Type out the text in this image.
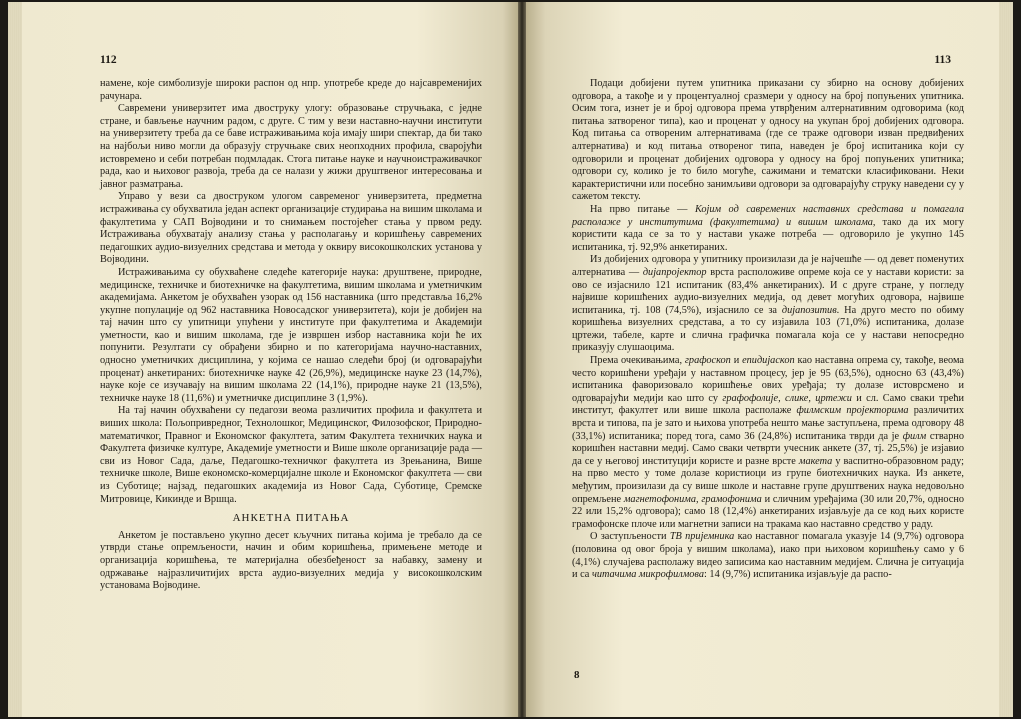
112

намене, које симболизује широки распон од нпр. употребе креде до најсавременијих рачунара.

Савремени универзитет има двоструку улогу: образовање стручњака, с једне стране, и бављење научним радом, с друге. С тим у вези наставно-научни институти на универзитету треба да се баве истраживањима која имају шири спектар, да би тако на најбољи ниво могли да образују стручњаке свих неопходних профила, сваројући истовремено и себи потребан подмладак. Стога питање науке и научноистраживачког рада, као и њиховог развоја, треба да се налази у жижи друштвеног интересовања и јавног разматрања.

Управо у вези са двоструком улогом савременог универзитета, предметна истраживања су обухватила један аспект организације студирања на вишим школама и факултетима у САП Војводини и то снимањем постојећег стања у првом реду. Истраживања обухватају анализу стања у располагању и коришћењу савремених педагошких аудио-визуелних средстава и метода у оквиру високошколских установа у Војводини.

Истраживањима су обухваћене следеће категорије наука: друштвене, природне, медицинске, техничке и биотехничке на факултетима, вишим школама и уметничким академијама. Анкетом је обухваћен узорак од 156 наставника (што представља 16,2% укупне популације од 962 наставника Новосадског универзитета), који је добијен на тај начин што су упитници упућени у институте при факултетима и Академији уметности, као и вишим школама, где је извршен избор наставника који ће их попунити. Резултати су обрађени збирно и по категоријама научно-наставних, односно уметничких дисциплина, у којима се нашао следећи број (и одговарајући проценат) анкетираних: биотехничке науке 42 (26,9%), медицинске науке 23 (14,7%), науке које се изучавају на вишим школама 22 (14,1%), природне науке 21 (13,5%), техничке науке 18 (11,6%) и уметничке дисциплине 3 (1,9%).

На тај начин обухваћени су педагози веома различитих профила и факултета и виших школа: Пољопривредног, Технолошког, Медицинског, Филозофског, Природно-математичког, Правног и Економског факултета, затим Факултета техничких наука и Факултета физичке културе, Академије уметности и Више школе организације рада — сви из Новог Сада, даље, Педагошко-техничког факултета из Зрењанина, Више техничке школе, Више економско-комерцијалне школе и Економског факултета — сви из Суботице; најзад, педагошких академија из Новог Сада, Суботице, Сремске Митровице, Кикинде и Вршца.

АНКЕТНА ПИТАЊА

Анкетом је постављено укупно десет кључних питања којима је требало да се утврди стање опремљености, начин и обим коришћења, примењене методе и организација коришћења, те материјална обезбеђеност за набавку, замену и одржавање најразличитијих врста аудио-визуелних медија у високошколским установама Војводине.

113

Подаци добијени путем упитника приказани су збирно на основу добијених одговора, а такође и у процентуалној сразмери у односу на број попуњених упитника. Осим тога, изнет је и број одговора према утврђеним алтернативним одговорима (код питања затвореног типа), као и проценат у односу на укупан број добијених одговора. Код питања са отвореним алтернативама (где се траже одговори изван предвиђених алтернатива) и код питања отвореног типа, наведен је број испитаника који су одговорили и проценат добијених одговора у односу на број попуњених упитника; одговори су, колико је то било могуће, сажимани и тематски класификовани. Неки карактеристични или посебно занимљиви одговори за одговарајућу струку наведени су у сажетом тексту.

На прво питање — Којим од савремених наставних средстава и помагала располаже у институтима (факултетима) и вишим школама, тако да их могу користити када се за то у настави укаже потреба — одговорило је укупно 145 испитаника, тј. 92,9% анкетираних.

Из добијених одговора у упитнику произилази да је најчешће — од девет поменутих алтернатива — дијапројектор врста расположиве опреме која се у настави користи: за ово се изјаснило 121 испитаник (83,4% анкетираних). И с друге стране, у погледу највише коришћених аудио-визуелних медија, од девет могућих одговора, највише испитаника, тј. 108 (74,5%), изјаснило се за дијапозитив. На друго место по обиму коришћења визуелних средстава, а то су изјавила 103 (71,0%) испитаника, долазе цртежи, табеле, карте и слична графичка помагала која се у настави непосредно приказују слушаоцима.

Према очекивањима, графоскоп и епидијаскоп као наставна опрема су, такође, веома често коришћени уређаји у наставном процесу, јер је 95 (63,5%), односно 63 (43,4%) испитаника фаворизовало коришћење ових уређаја; ту долазе истоврсмено и одговарајући медији као што су графофолије, слике, цртежи и сл. Само сваки трећи институт, факултет или више школа располаже филмским пројекторима различитих врста и типова, па је зато и њихова употреба нешто мање заступљена, према одговору 48 (33,1%) испитаника; поред тога, само 36 (24,8%) испитаника тврди да је филм стварно коришћен наставни медиј. Само сваки четврти учесник анкете (37, тј. 25,5%) је изјавио да се у његовој институцији користе и разне врсте макета у васпитно-образовном раду; на прво место у томе долазе користиоци из групе биотехничких наука. Из анкете, међутим, произилази да су више школе и наставне групе друштвених наука недовољно опремљене магнетофонима, грамофонима и сличним уређајима (30 или 20,7%, односно 22 или 15,2% одговора); само 18 (12,4%) анкетираних изјављује да се код њих користе грамофонске плоче или магнетни записи на тракама као наставно средство у раду.

О заступљености ТВ пријемника као наставног помагала указује 14 (9,7%) одговора (половина од овог броја у вишим школама), иако при њиховом коришћењу само у 6 (4,1%) случајева располажу видео записима као наставним медијем. Слична је ситуација и са читачима микрофилмова: 14 (9,7%) испитаника изјављује да распо-

8
